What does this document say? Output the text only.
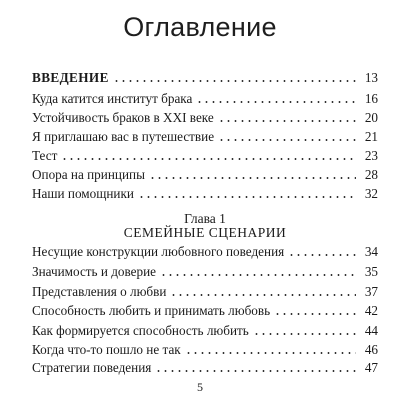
Оглавление
ВВЕДЕНИЕ	13
Куда катится институт брака	16
Устойчивость браков в XXI веке	20
Я приглашаю вас в путешествие	21
Тест	23
Опора на принципы	28
Наши помощники	32
Глава 1
СЕМЕЙНЫЕ СЦЕНАРИИ
Несущие конструкции любовного поведения	34
Значимость и доверие	35
Представления о любви	37
Способность любить и принимать любовь	42
Как формируется способность любить	44
Когда что-то пошло не так	46
Стратегии поведения	47
5
